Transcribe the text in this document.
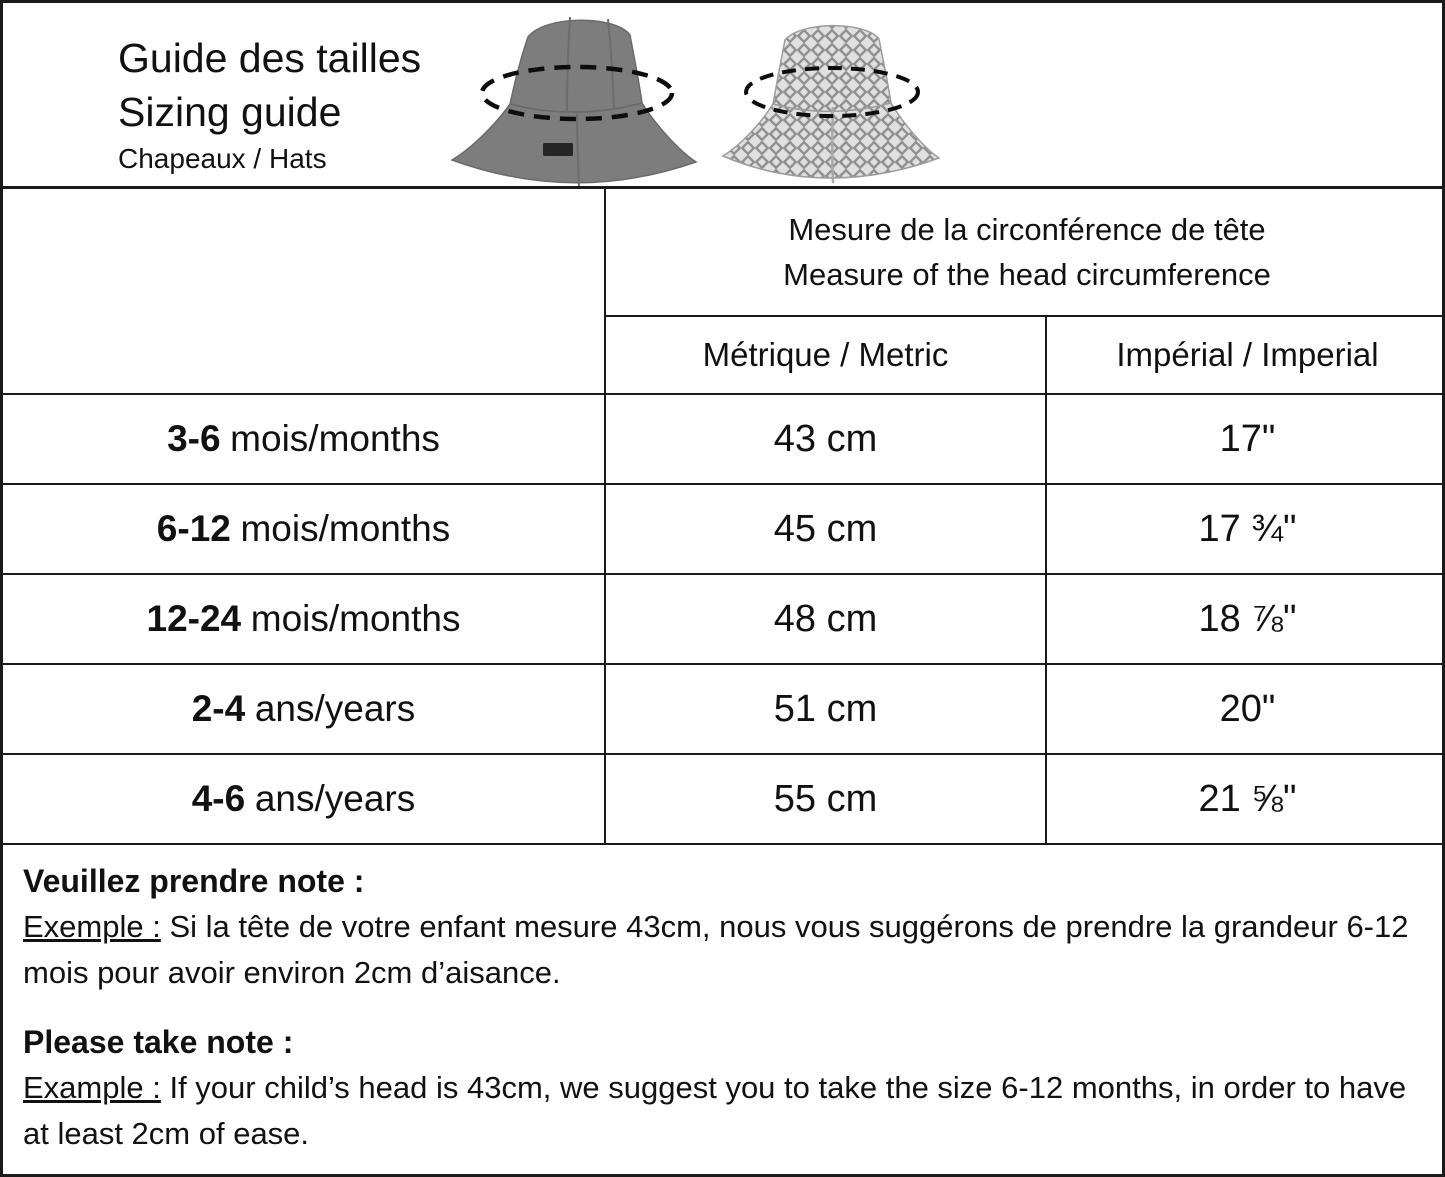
Guide des tailles
Sizing guide
Chapeaux / Hats

	Mesure de la circonférence de tête
Measure of the head circumference	

	Métrique / Metric	Impérial / Imperial
3-6 mois/months	43 cm	17"
6-12 mois/months	45 cm	17 ¾"
12-24 mois/months	48 cm	18 ⅞"
2-4 ans/years	51 cm	20"
4-6 ans/years	55 cm	21 ⅝"
Veuillez prendre note :
Exemple : Si la tête de votre enfant mesure 43cm, nous vous suggérons de prendre la grandeur 6-12 mois pour avoir environ 2cm d’aisance.
Please take note :
Example : If your child’s head is 43cm, we suggest you to take the size 6-12 months, in order to have at least 2cm of ease.
